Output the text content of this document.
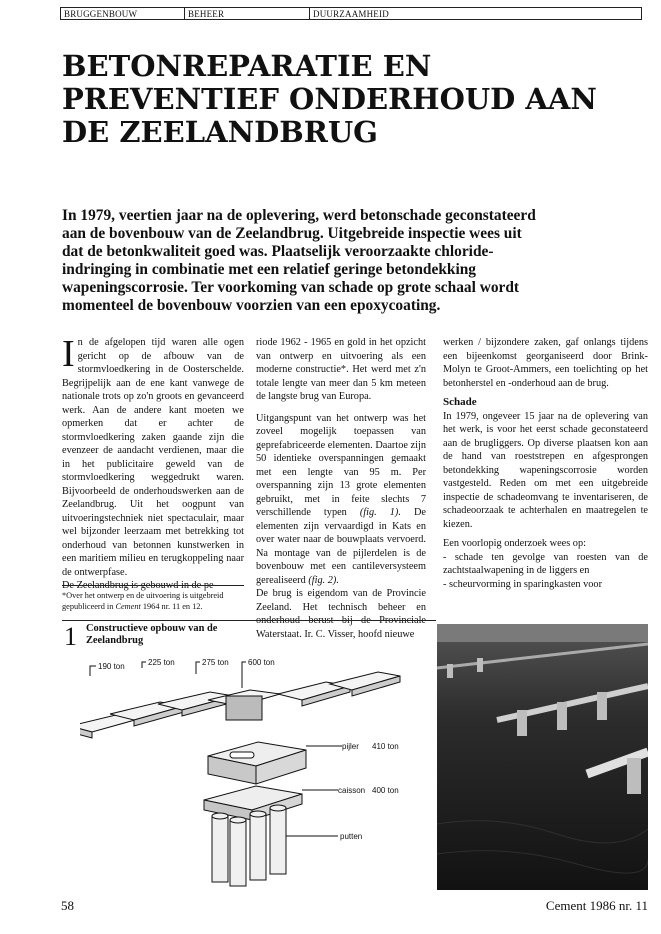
BRUGGENBOUW	BEHEER	DUURZAAMHEID
BETONREPARATIE EN
PREVENTIEF ONDERHOUD AAN
DE ZEELANDBRUG
In 1979, veertien jaar na de oplevering, werd betonschade geconstateerd
aan de bovenbouw van de Zeelandbrug. Uitgebreide inspectie wees uit
dat de betonkwaliteit goed was. Plaatselijk veroorzaakte chloride-
indringing in combinatie met een relatief geringe betondekking
wapeningscorrosie. Ter voorkoming van schade op grote schaal wordt
momenteel de bovenbouw voorzien van een epoxycoating.

In de afgelopen tijd waren alle ogen gericht op de afbouw van de stormvloedkering in de Oosterschelde. Begrijpelijk aan de ene kant vanwege de nationale trots op zo'n groots en gevanceerd werk. Aan de andere kant moeten we opmerken dat er achter de stormvloedkering zaken gaande zijn die evenzeer de aandacht verdienen, maar die in het publicitaire geweld van de stormvloedkering weggedrukt waren. Bijvoorbeeld de onderhoudswerken aan de Zeelandbrug. Uit het oogpunt van uitvoeringstechniek niet spectaculair, maar wel bijzonder leerzaam met betrekking tot onderhoud van betonnen kunstwerken in een maritiem milieu en terugkoppeling naar de ontwerpfase.

De Zeelandbrug is gebouwd in de pe-

*Over het ontwerp en de uitvoering is uitgebreid gepubliceerd in Cement 1964 nr. 11 en 12.

riode 1962 - 1965 en gold in het opzicht van ontwerp en uitvoering als een moderne constructie*. Het werd met z'n totale lengte van meer dan 5 km meteen de langste brug van Europa.

Uitgangspunt van het ontwerp was het zoveel mogelijk toepassen van geprefabriceerde elementen. Daartoe zijn 50 identieke overspanningen gemaakt met een lengte van 95 m. Per overspanning zijn 13 grote elementen gebruikt, met in feite slechts 7 verschillende typen (fig. 1). De elementen zijn vervaardigd in Kats en over water naar de bouwplaats vervoerd. Na montage van de pijlerdelen is de bovenbouw met een cantileversysteem gerealiseerd (fig. 2).

De brug is eigendom van de Provincie Zeeland. Het technisch beheer en onderhoud berust bij de Provinciale Waterstaat. Ir. C. Visser, hoofd nieuwe

werken / bijzondere zaken, gaf onlangs tijdens een bijeenkomst georganiseerd door Brink-Molyn te Groot-Ammers, een toelichting op het betonherstel en -onderhoud aan de brug.

Schade

In 1979, ongeveer 15 jaar na de oplevering van het werk, is voor het eerst schade geconstateerd aan de brugliggers. Op diverse plaatsen kon aan de hand van roeststrepen en afgesprongen betondekking wapeningscorrosie worden vastgesteld. Reden om met een uitgebreide inspectie de schadeomvang te inventariseren, de schadeoorzaak te achterhalen en maatregelen te kiezen.

Een voorlopig onderzoek wees op:

- schade ten gevolge van roesten van de zachtstaalwapening in de liggers en

- scheurvorming in sparingkasten voor

1 Constructieve opbouw van de Zeelandbrug
190 ton	225 ton	275 ton 600 ton
pijler 410 ton
caisson 400 ton
putten
58	Cement 1986 nr. 11
